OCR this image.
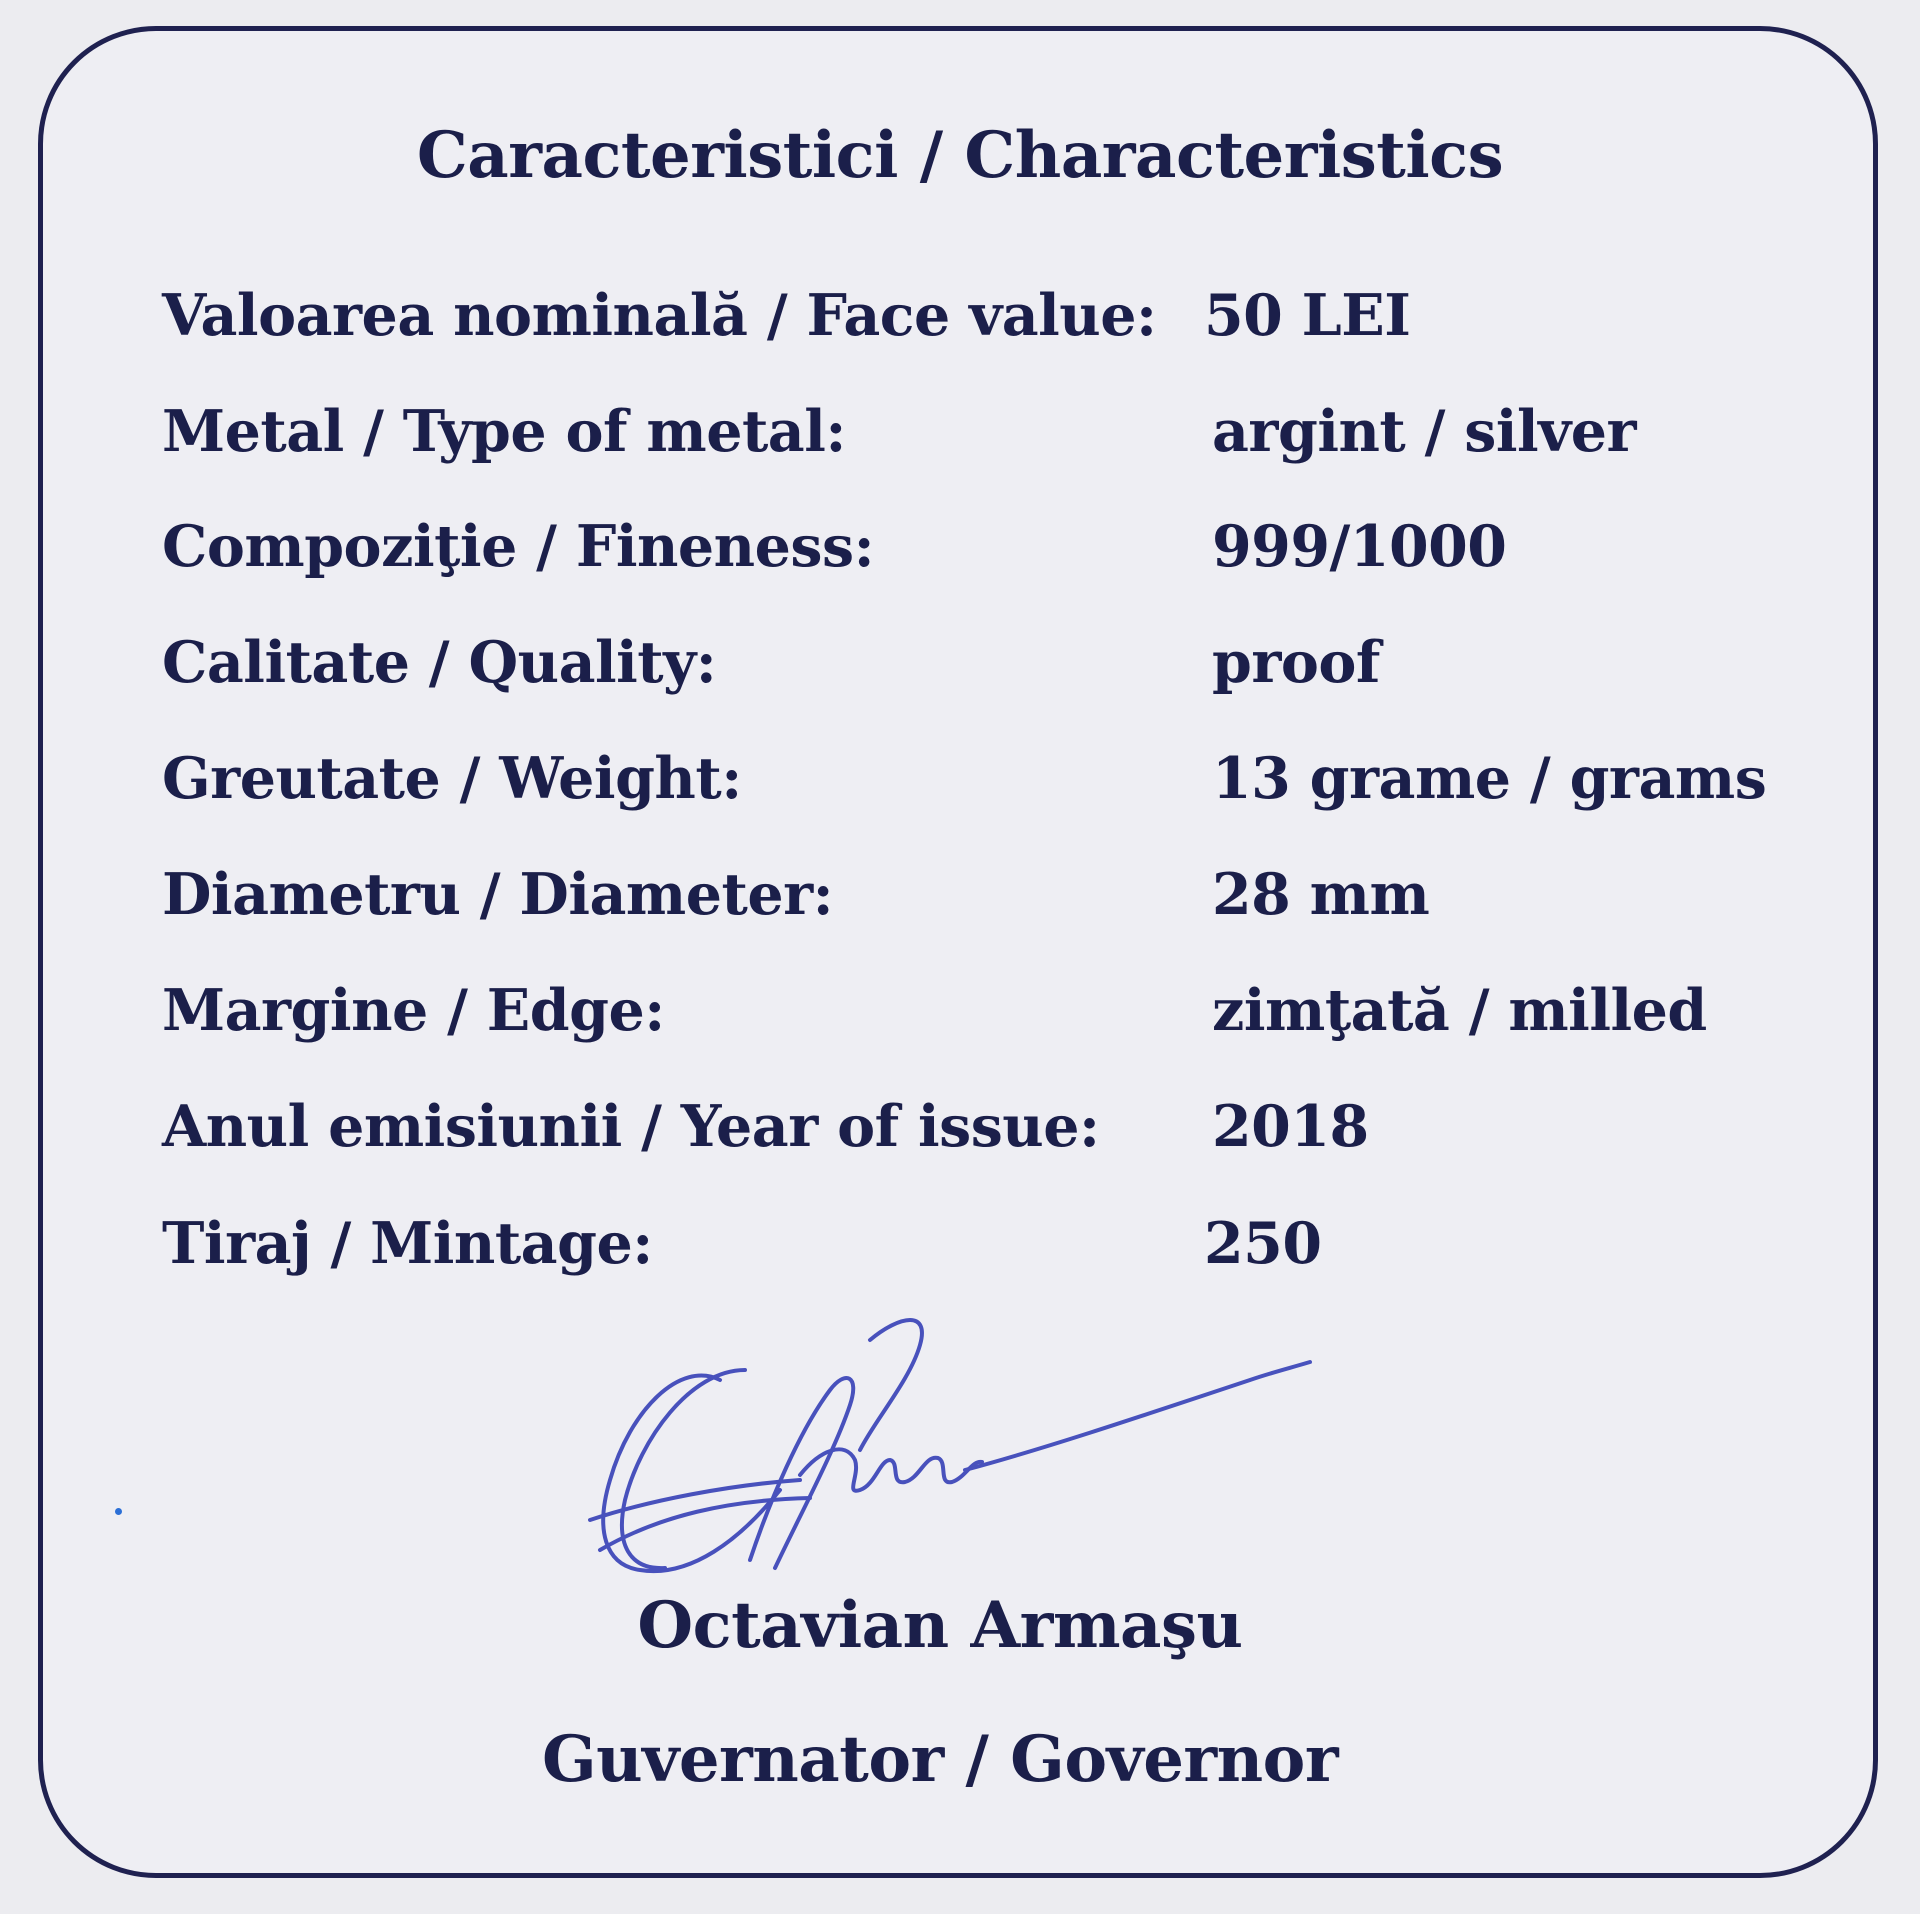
Caracteristici / Characteristics
Valoarea nominală / Face value: 50 LEI
Metal / Type of metal:	argint / silver
Compoziţie / Fineness:	999/1000
Calitate / Quality:	proof
Greutate / Weight:	13 grame / grams
Diametru / Diameter:	28 mm
Margine / Edge:	zimţată / milled
Anul emisiunii / Year of issue: 2018
Tiraj / Mintage:	250
Octavian Armaşu
Guvernator / Governor
